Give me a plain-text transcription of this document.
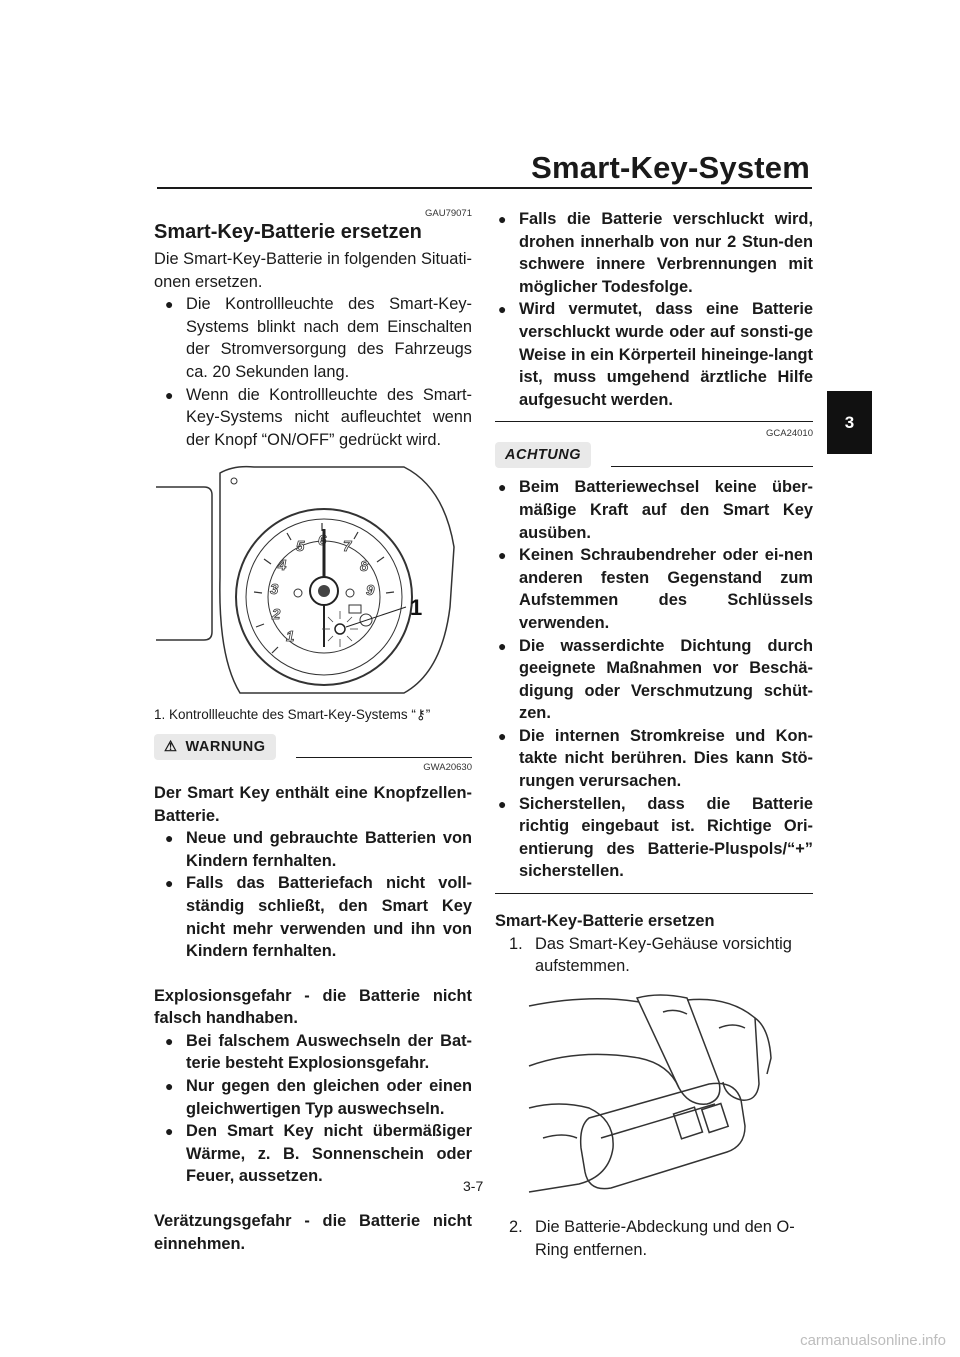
Smart-Key-System
3
GAU79071
Smart-Key-Batterie ersetzen

Die Smart-Key-Batterie in folgenden Situati-onen ersetzen.

● Die Kontrollleuchte des Smart-Key-Systems blinkt nach dem Einschalten der Stromversorgung des Fahrzeugs ca. 20 Sekunden lang.
● Wenn die Kontrollleuchte des Smart-Key-Systems nicht aufleuchtet wenn der Knopf “ON/OFF” gedrückt wird.
1
2
3
4
5 6 7
8
9
1
1. Kontrollleuchte des Smart-Key-Systems “⚷”
⚠ WARNUNG
GWA20630

Der Smart Key enthält eine Knopfzellen-Batterie.

● Neue und gebrauchte Batterien von Kindern fernhalten.
● Falls das Batteriefach nicht voll-ständig schließt, den Smart Key nicht mehr verwenden und ihn von Kindern fernhalten.

Explosionsgefahr - die Batterie nicht falsch handhaben.

● Bei falschem Auswechseln der Bat-terie besteht Explosionsgefahr.
● Nur gegen den gleichen oder einen gleichwertigen Typ auswechseln.
● Den Smart Key nicht übermäßiger Wärme, z. B. Sonnenschein oder Feuer, aussetzen.

Verätzungsgefahr - die Batterie nicht einnehmen.

● Falls die Batterie verschluckt wird, drohen innerhalb von nur 2 Stun-den schwere innere Verbrennungen mit möglicher Todesfolge.
● Wird vermutet, dass eine Batterie verschluckt wurde oder auf sonsti-ge Weise in ein Körperteil hineinge-langt ist, muss umgehend ärztliche Hilfe aufgesucht werden.
GCA24010
ACHTUNG
● Beim Batteriewechsel keine über-mäßige Kraft auf den Smart Key ausüben.
● Keinen Schraubendreher oder ei-nen anderen festen Gegenstand zum Aufstemmen des Schlüssels verwenden.
● Die wasserdichte Dichtung durch geeignete Maßnahmen vor Beschä-digung oder Verschmutzung schüt-zen.
● Die internen Stromkreise und Kon-takte nicht berühren. Dies kann Stö-rungen verursachen.
● Sicherstellen, dass die Batterie richtig eingebaut ist. Richtige Ori-entierung des Batterie-Pluspols/“+” sicherstellen.

Smart-Key-Batterie ersetzen

1. Das Smart-Key-Gehäuse vorsichtig aufstemmen.
2. Die Batterie-Abdeckung und den O-Ring entfernen.
3-7
carmanualsonline.info
